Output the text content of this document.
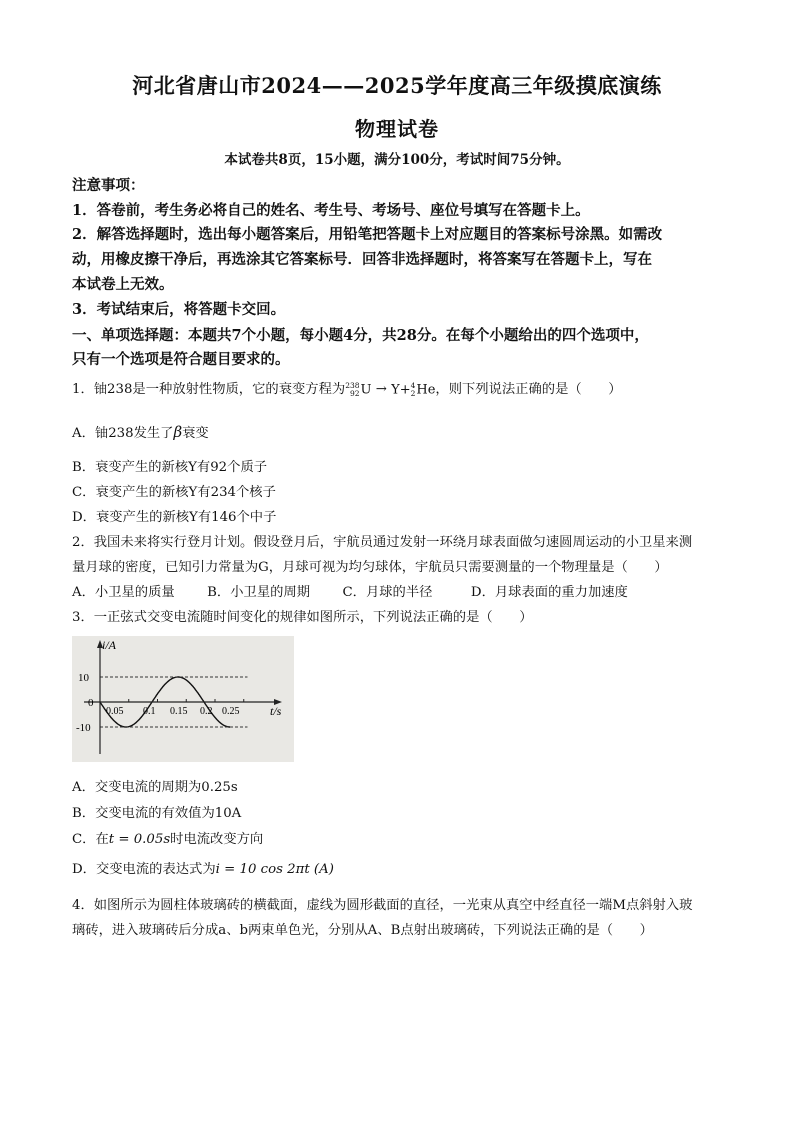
河北省唐山市2024——2025学年度高三年级摸底演练
物理试卷
本试卷共8页，15小题，满分100分，考试时间75分钟。
注意事项：
1．答卷前，考生务必将自己的姓名、考生号、考场号、座位号填写在答题卡上。
2．解答选择题时，选出每小题答案后，用铅笔把答题卡上对应题目的答案标号涂黑。如需改
动，用橡皮擦干净后，再选涂其它答案标号．回答非选择题时，将答案写在答题卡上，写在
本试卷上无效。
3．考试结束后，将答题卡交回。
一、单项选择题：本题共7个小题，每小题4分，共28分。在每个小题给出的四个选项中，
只有一个选项是符合题目要求的。
1．铀238是一种放射性物质，它的衰变方程为 238
92 U → Y+ 4
2 He，则下列说法正确的是（　　）
A．铀238发生了β衰变
B．衰变产生的新核Y有92个质子
C．衰变产生的新核Y有234个核子
D．衰变产生的新核Y有146个中子
2．我国未来将实行登月计划。假设登月后，宇航员通过发射一环绕月球表面做匀速圆周运动的小卫星来测
量月球的密度，已知引力常量为G，月球可视为均匀球体，宇航员只需要测量的一个物理量是（　　）
A．小卫星的质量 B．小卫星的周期 C．月球的半径	D．月球表面的重力加速度
3．一正弦式交变电流随时间变化的规律如图所示，下列说法正确的是（　　）
i/A
t/s
0
10
-10
0.05 0.1 0.15 0.2 0.25
A．交变电流的周期为0.25s
B．交变电流的有效值为10A
C．在t = 0.05s时电流改变方向
D．交变电流的表达式为i = 10 cos 2πt (A)
4．如图所示为圆柱体玻璃砖的横截面，虚线为圆形截面的直径，一光束从真空中经直径一端M点斜射入玻
璃砖，进入玻璃砖后分成a、b两束单色光，分别从A、B点射出玻璃砖，下列说法正确的是（　　）
